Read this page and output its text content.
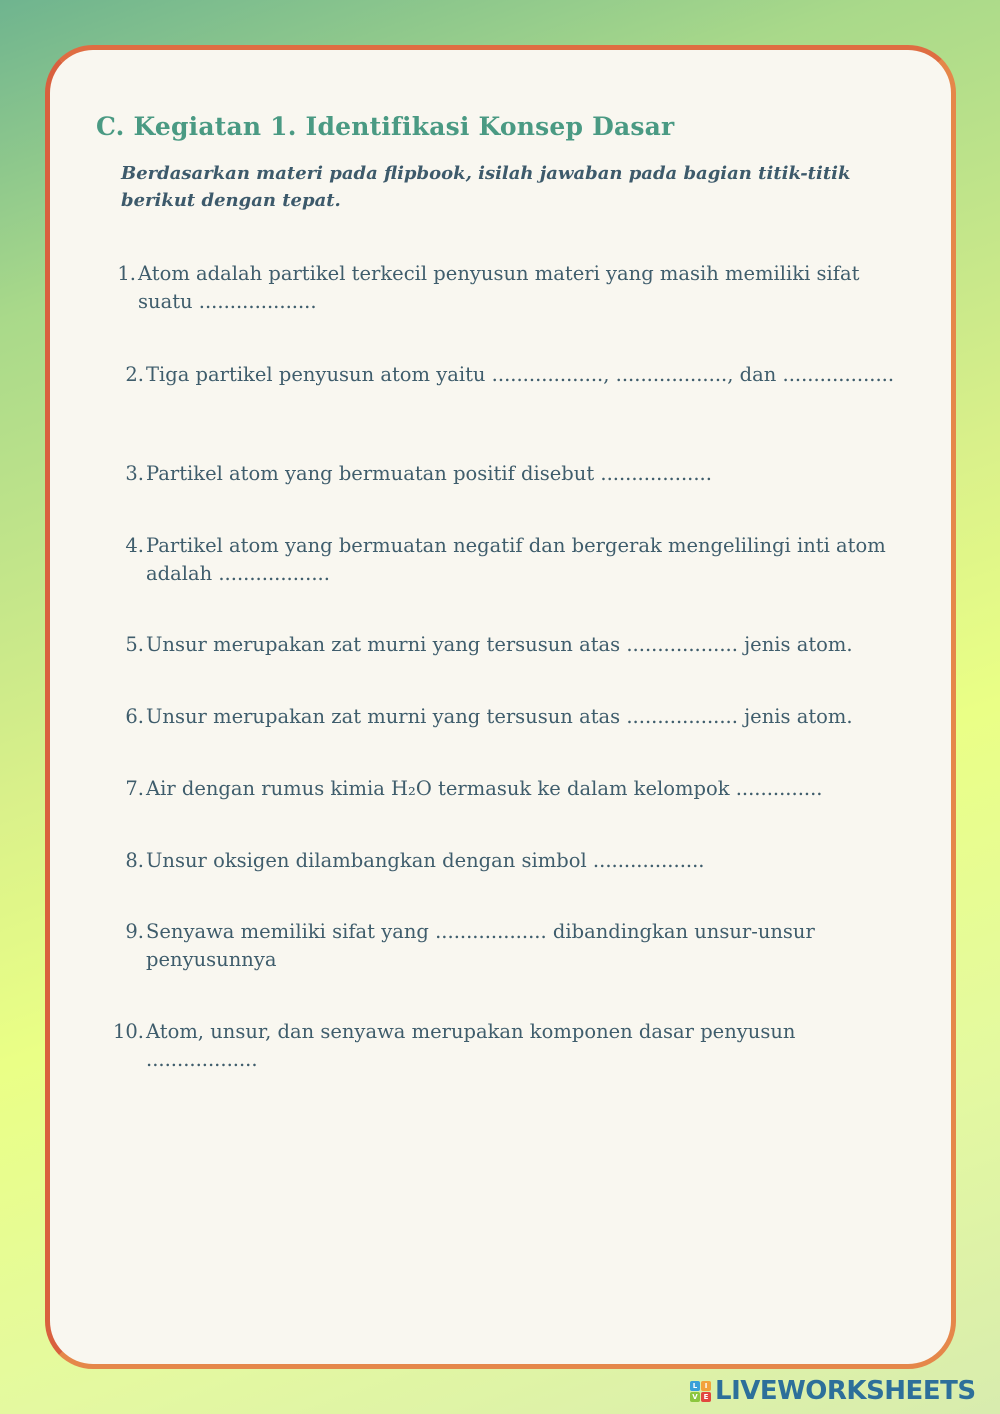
C. Kegiatan 1. Identifikasi Konsep Dasar

Berdasarkan materi pada flipbook, isilah jawaban pada bagian titik-titik berikut dengan tepat.

1. Atom adalah partikel terkecil penyusun materi yang masih memiliki sifat suatu ...................
2. Tiga partikel penyusun atom yaitu .................., .................., dan ..................
3. Partikel atom yang bermuatan positif disebut ..................
4. Partikel atom yang bermuatan negatif dan bergerak mengelilingi inti atom adalah ..................
5. Unsur merupakan zat murni yang tersusun atas .................. jenis atom.
6. Unsur merupakan zat murni yang tersusun atas .................. jenis atom.
7. Air dengan rumus kimia H₂O termasuk ke dalam kelompok ..............
8. Unsur oksigen dilambangkan dengan simbol ..................
9. Senyawa memiliki sifat yang .................. dibandingkan unsur-unsur penyusunnya
10. Atom, unsur, dan senyawa merupakan komponen dasar penyusun ..................
L	I
V E LIVEWORKSHEETS
